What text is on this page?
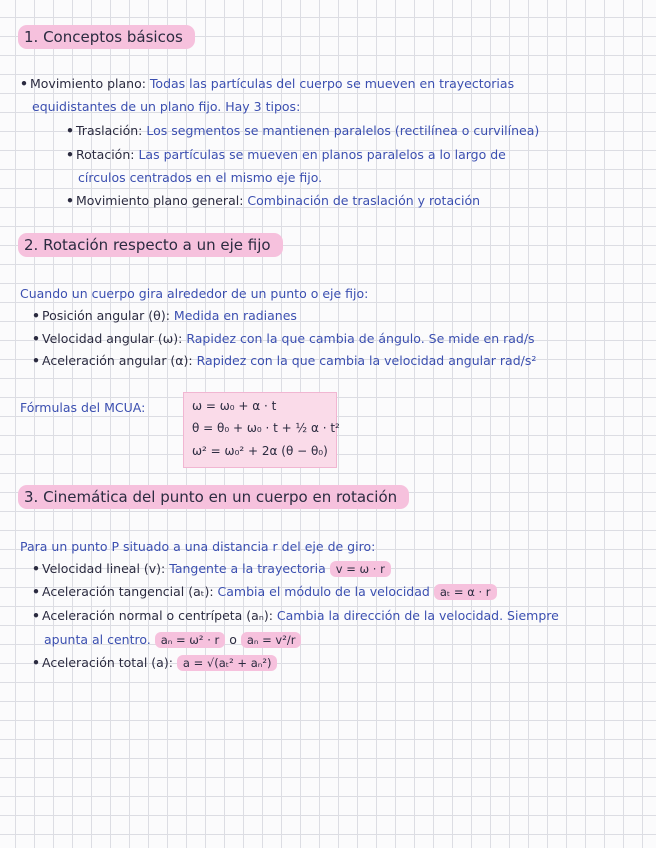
1. Conceptos básicos
• Movimiento plano: Todas las partículas del cuerpo se mueven en trayectorias
equidistantes de un plano fijo. Hay 3 tipos:
• Traslación: Los segmentos se mantienen paralelos (rectilínea o curvilínea)
• Rotación: Las partículas se mueven en planos paralelos a lo largo de
círculos centrados en el mismo eje fijo.
• Movimiento plano general: Combinación de traslación y rotación
2. Rotación respecto a un eje fijo
Cuando un cuerpo gira alrededor de un punto o eje fijo:
• Posición angular (θ): Medida en radianes
• Velocidad angular (ω): Rapidez con la que cambia de ángulo. Se mide en rad/s
• Aceleración angular (α): Rapidez con la que cambia la velocidad angular rad/s²
Fórmulas del MCUA:	ω = ω₀ + α · t
θ = θ₀ + ω₀ · t + ½ α · t²
ω² = ω₀² + 2α (θ − θ₀)
3. Cinemática del punto en un cuerpo en rotación
Para un punto P situado a una distancia r del eje de giro:
• Velocidad lineal (v): Tangente a la trayectoria v = ω · r
• Aceleración tangencial (aₜ): Cambia el módulo de la velocidad aₜ = α · r
• Aceleración normal o centrípeta (aₙ): Cambia la dirección de la velocidad. Siempre
apunta al centro. aₙ = ω² · r o aₙ = v²/r
• Aceleración total (a): a = √(aₜ² + aₙ²)
